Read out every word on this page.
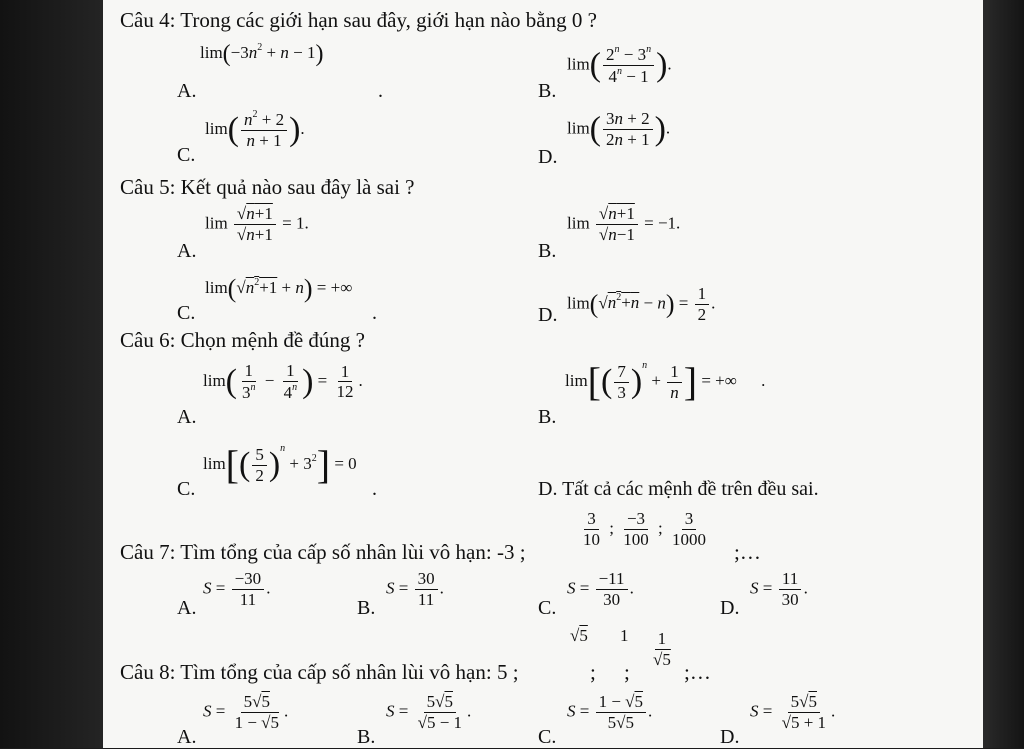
Câu 4: Trong các giới hạn sau đây, giới hạn nào bằng 0 ?
$\lim(-3n^2 + n - 1)$
A.	.	B.
$\lim( \frac{2^n - 3^n}{4^n - 1}$ ).
C.
$\lim( \frac{n^2 + 2}{n + 1}$ ).
D.
$\lim( \frac{3n + 2}{2n + 1}$ ).
Câu 5: Kết quả nào sau đây là sai ?
A.
$\lim \frac{√n+1}{√n+1} = 1$.
B.
$\lim \frac{√n+1}{√n-1} = -1$.
$\lim(√n^2+1 + n)$ = +∞
C.	.	D.
$\lim(√n^2+n - n) = \frac{1}{2}$ .
Câu 6: Chọn mệnh đề đúng ?
$\lim( \frac{1}{3^n} - \frac{1}{4^n}$ ) = $\frac{1}{12}$ .
A.	B.
$\lim[( \frac{7}{3} )^n + \frac{1}{n}$ ] = +∞ .
$\lim[( \frac{5}{2} )^n + 3^2] = 0$
C.	.	D. Tất cả các mệnh đề trên đều sai.
Câu 7: Tìm tổng của cấp số nhân lùi vô hạn: -3 ;
$\frac{3}{10}$ ; $\frac{-3}{100}$ ; $\frac{3}{1000}$
;…
A.
$S = \frac{-30}{11}$ .
B.
$S = \frac{30}{11}$ .
C.
$S = \frac{-11}{30}$ .
D.
$S = \frac{11}{30}$ .
Câu 8: Tìm tổng của cấp số nhân lùi vô hạn: 5 ;
√5 $1 \frac{1}{√5}$
; ;	;…
A.
$S = \frac{5√5}{1 - √5}$ .
B.
$S = \frac{5√5}{√5 - 1}$ .
C.
$S = \frac{1 - √5}{5√5}$ .
D.
$S = \frac{5√5}{√5 + 1}$ .
